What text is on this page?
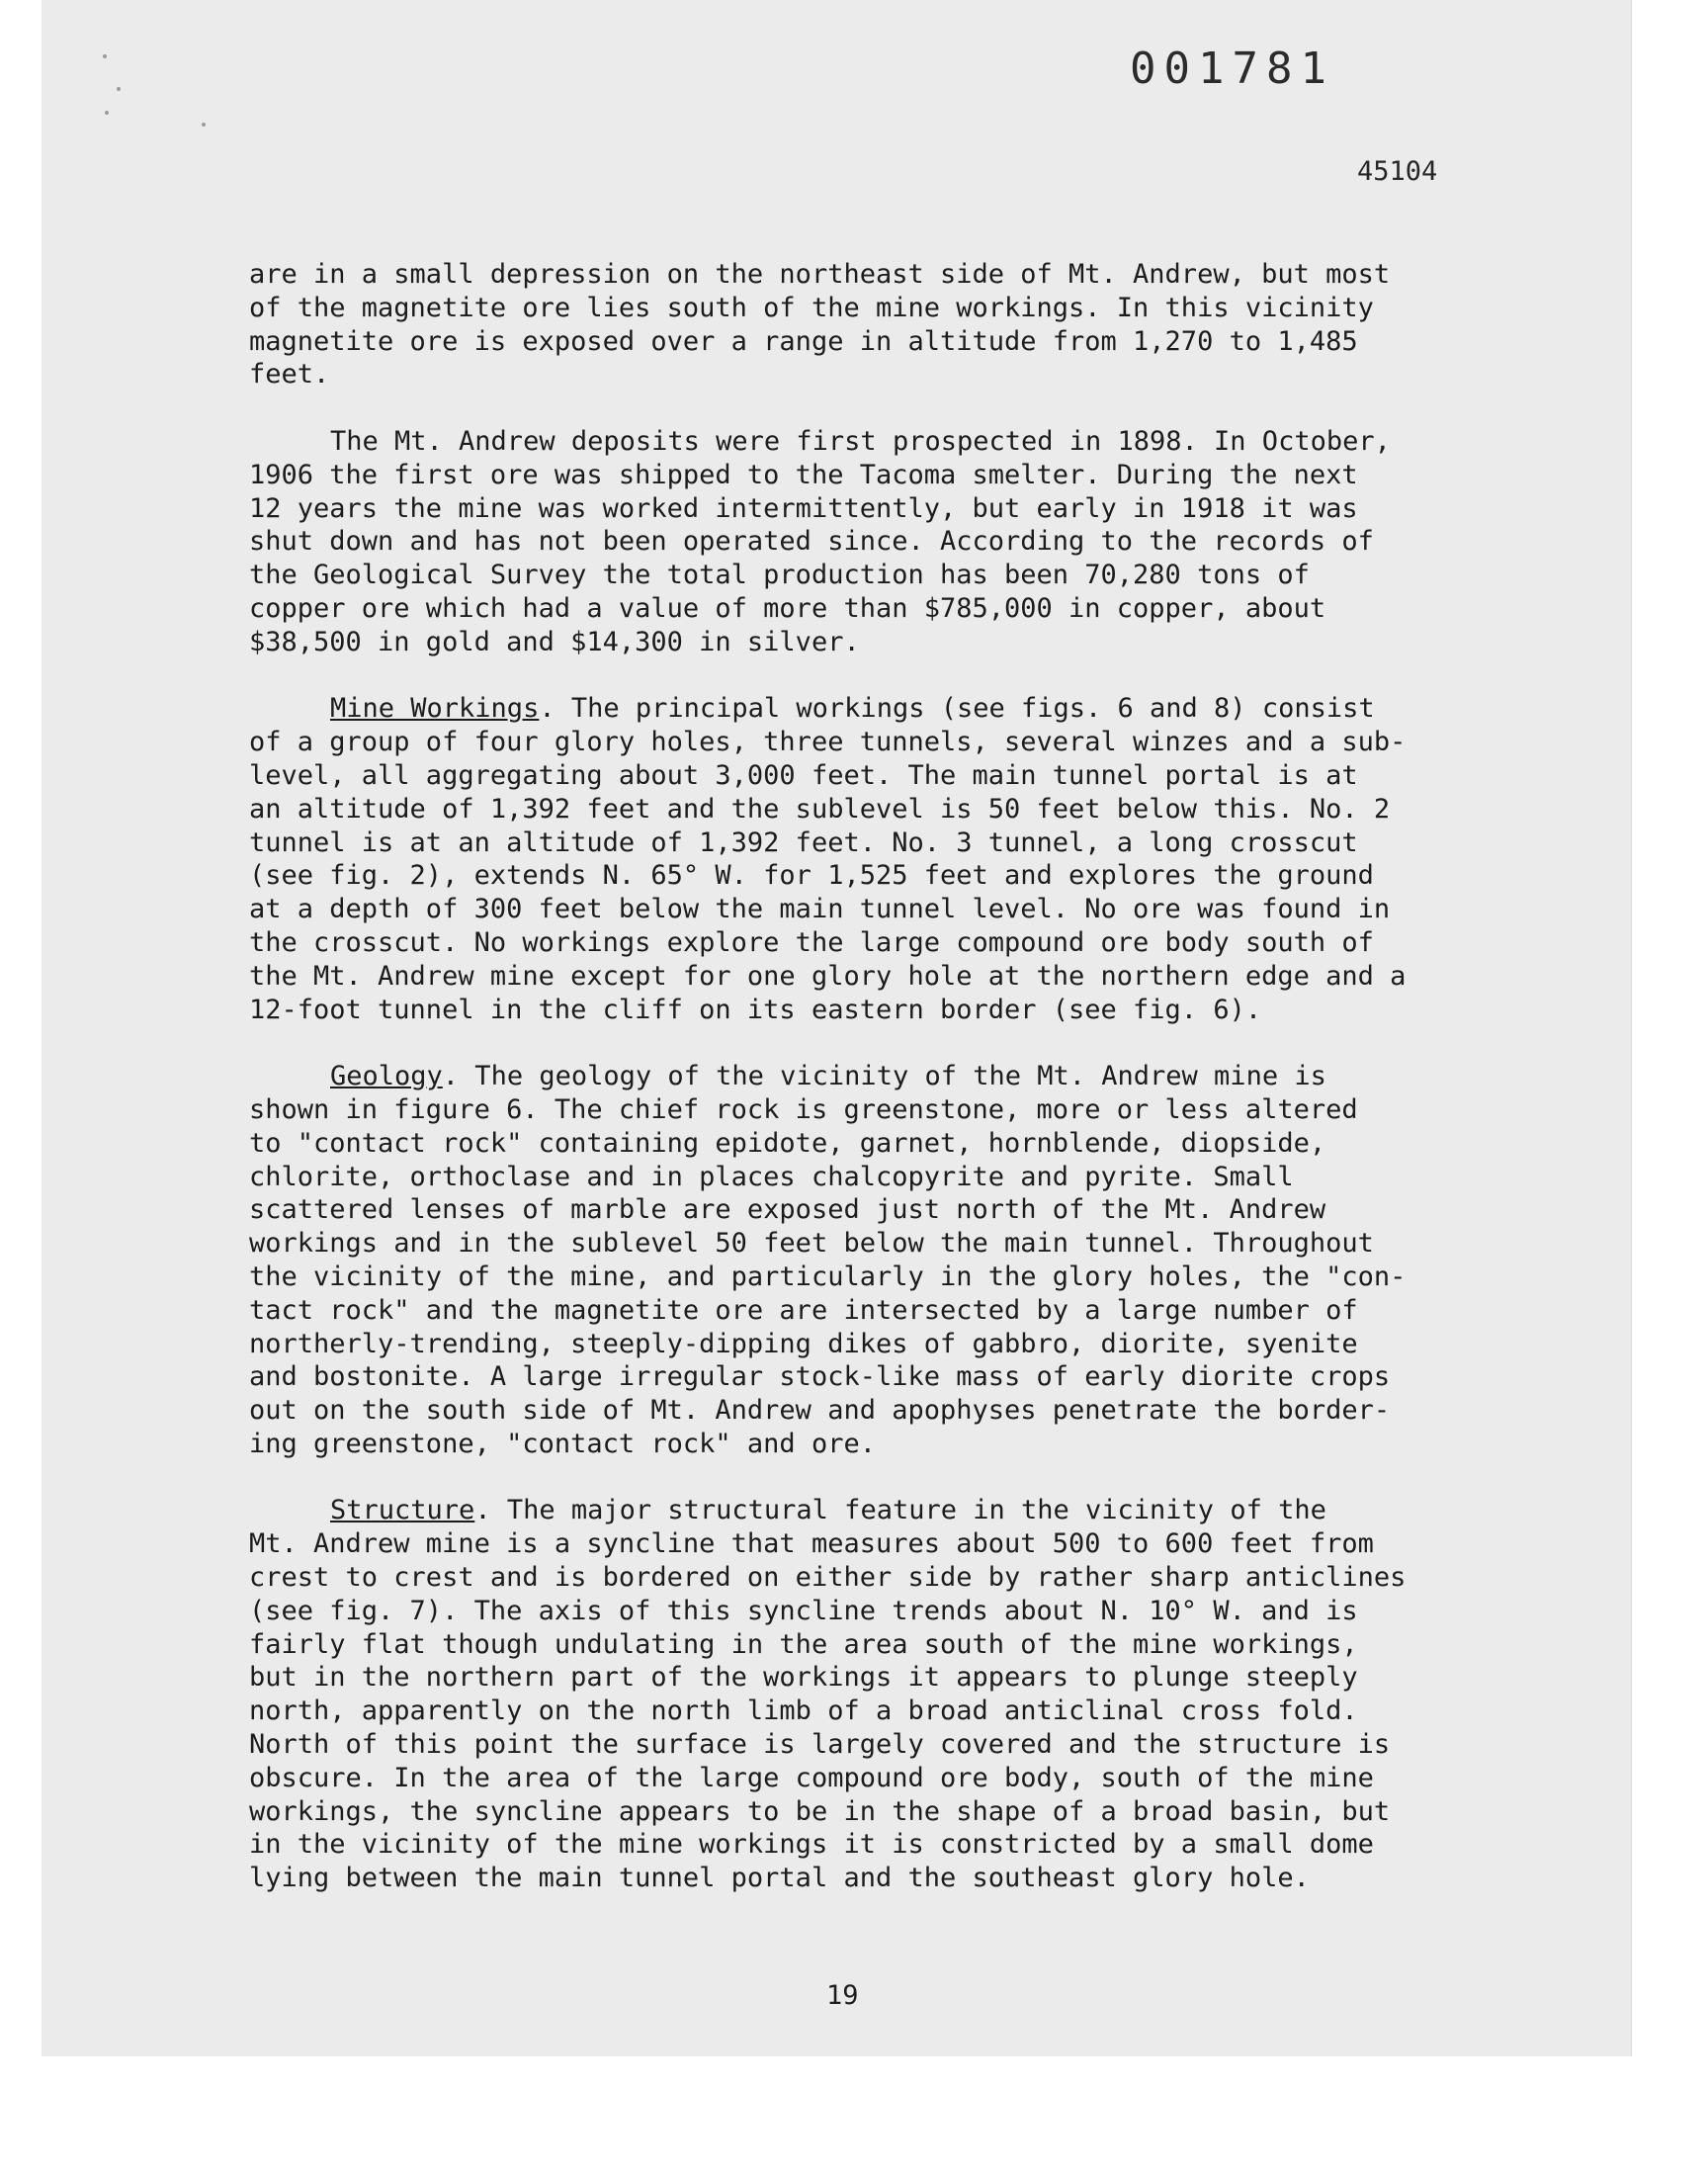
001781
45104

are in a small depression on the northeast side of Mt. Andrew, but most
of the magnetite ore lies south of the mine workings. In this vicinity
magnetite ore is exposed over a range in altitude from 1,270 to 1,485
feet.

The Mt. Andrew deposits were first prospected in 1898. In October,
1906 the first ore was shipped to the Tacoma smelter. During the next
12 years the mine was worked intermittently, but early in 1918 it was
shut down and has not been operated since. According to the records of
the Geological Survey the total production has been 70,280 tons of
copper ore which had a value of more than $785,000 in copper, about
$38,500 in gold and $14,300 in silver.

Mine Workings. The principal workings (see figs. 6 and 8) consist
of a group of four glory holes, three tunnels, several winzes and a sub-
level, all aggregating about 3,000 feet. The main tunnel portal is at
an altitude of 1,392 feet and the sublevel is 50 feet below this. No. 2
tunnel is at an altitude of 1,392 feet. No. 3 tunnel, a long crosscut
(see fig. 2), extends N. 65° W. for 1,525 feet and explores the ground
at a depth of 300 feet below the main tunnel level. No ore was found in
the crosscut. No workings explore the large compound ore body south of
the Mt. Andrew mine except for one glory hole at the northern edge and a
12-foot tunnel in the cliff on its eastern border (see fig. 6).

Geology. The geology of the vicinity of the Mt. Andrew mine is
shown in figure 6. The chief rock is greenstone, more or less altered
to "contact rock" containing epidote, garnet, hornblende, diopside,
chlorite, orthoclase and in places chalcopyrite and pyrite. Small
scattered lenses of marble are exposed just north of the Mt. Andrew
workings and in the sublevel 50 feet below the main tunnel. Throughout
the vicinity of the mine, and particularly in the glory holes, the "con-
tact rock" and the magnetite ore are intersected by a large number of
northerly-trending, steeply-dipping dikes of gabbro, diorite, syenite
and bostonite. A large irregular stock-like mass of early diorite crops
out on the south side of Mt. Andrew and apophyses penetrate the border-
ing greenstone, "contact rock" and ore.

Structure. The major structural feature in the vicinity of the
Mt. Andrew mine is a syncline that measures about 500 to 600 feet from
crest to crest and is bordered on either side by rather sharp anticlines
(see fig. 7). The axis of this syncline trends about N. 10° W. and is
fairly flat though undulating in the area south of the mine workings,
but in the northern part of the workings it appears to plunge steeply
north, apparently on the north limb of a broad anticlinal cross fold.
North of this point the surface is largely covered and the structure is
obscure. In the area of the large compound ore body, south of the mine
workings, the syncline appears to be in the shape of a broad basin, but
in the vicinity of the mine workings it is constricted by a small dome
lying between the main tunnel portal and the southeast glory hole.

19
